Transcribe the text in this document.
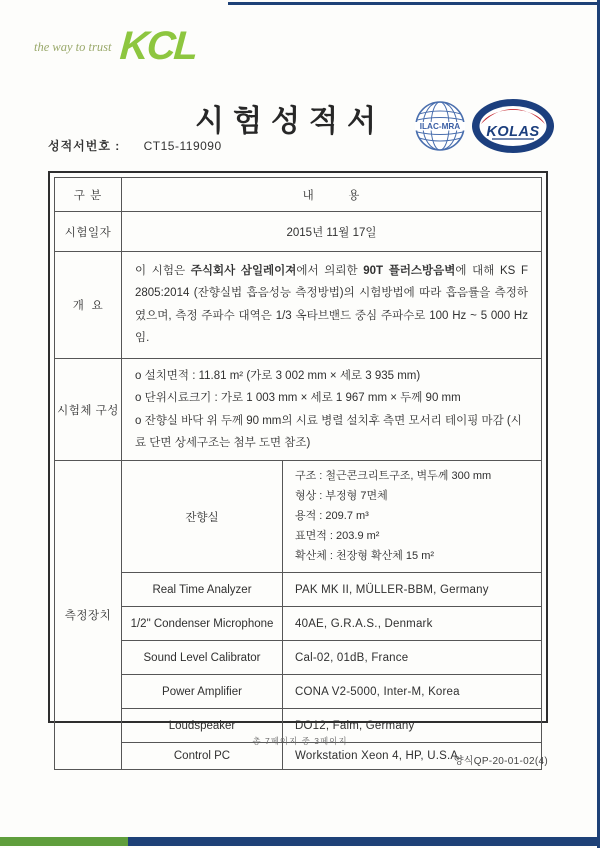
the way to trust KCL
시험성적서
성적서번호 : CT15-119090
ILAC-MRA KOLAS
구 분	내        용	
시험일자	2015년 11월 17일	
개  요	이 시험은 주식회사 삼일레이져에서 의뢰한 90T 플러스방음벽에 대해 KS F 2805:2014 (잔향실법 흡음성능 측정방법)의 시험방법에 따라 흡음률을 측정하였으며, 측정 주파수 대역은 1/3 옥타브밴드 중심 주파수로 100 Hz ~ 5 000 Hz 임.	

시험체 구성	o 설치면적 : 11.81 m² (가로 3 002 mm × 세로 3 935 mm)
o 단위시료크기 : 가로 1 003 mm × 세로 1 967 mm × 두께 90 mm
o 잔향실 바닥 위 두께 90 mm의 시료 병렬 설치후 측면 모서리 테이핑 마감 (시료 단면 상세구조는 첨부 도면 참조)	

측정장치	잔향실	구조 : 철근콘크리트구조, 벽두께 300 mm
형상 : 부정형 7면체
용적 : 209.7 m³
표면적 : 203.9 m²
확산체 : 천장형 확산체 15 m²

	Real Time Analyzer	PAK MK II, MÜLLER-BBM, Germany
	1/2" Condenser Microphone	40AE, G.R.A.S., Denmark
	Sound Level Calibrator	Cal-02, 01dB, France
	Power Amplifier	CONA V2-5000, Inter-M, Korea
	Loudspeaker	DO12, Falm, Germany
	Control PC	Workstation Xeon 4, HP, U.S.A.
총 7페이지 중 3페이지
양식QP-20-01-02(4)
